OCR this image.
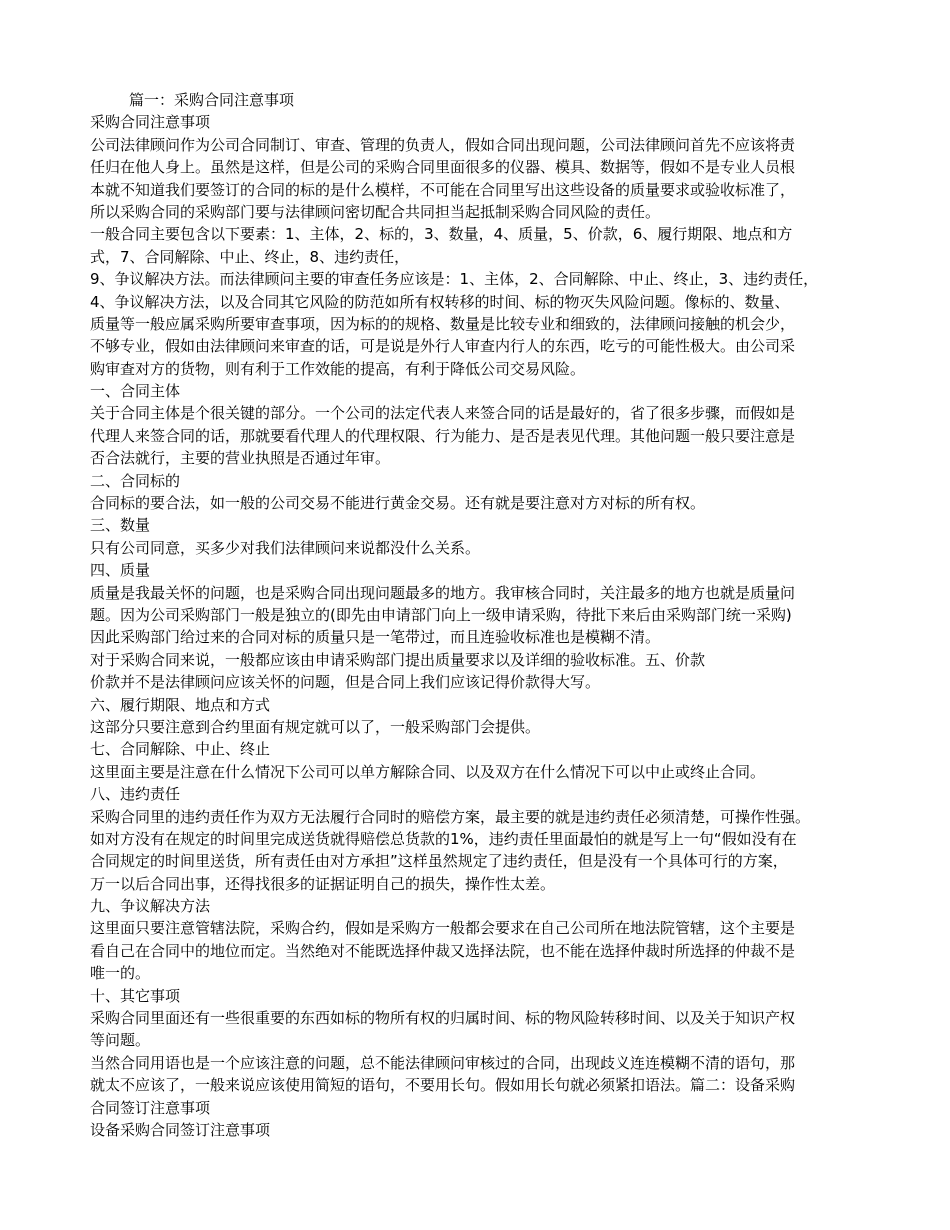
篇一：采购合同注意事项
采购合同注意事项
公司法律顾问作为公司合同制订、审查、管理的负责人，假如合同出现问题，公司法律顾问首先不应该将责
任归在他人身上。虽然是这样，但是公司的采购合同里面很多的仪器、模具、数据等，假如不是专业人员根
本就不知道我们要签订的合同的标的是什么模样，不可能在合同里写出这些设备的质量要求或验收标准了，
所以采购合同的采购部门要与法律顾问密切配合共同担当起抵制采购合同风险的责任。
一般合同主要包含以下要素：1、主体，2、标的，3、数量，4、质量，5、价款，6、履行期限、地点和方
式，7、合同解除、中止、终止，8、违约责任，
9、争议解决方法。而法律顾问主要的审查任务应该是：1、主体，2、合同解除、中止、终止，3、违约责任，
4、争议解决方法，以及合同其它风险的防范如所有权转移的时间、标的物灭失风险问题。像标的、数量、
质量等一般应属采购所要审查事项，因为标的的规格、数量是比较专业和细致的，法律顾问接触的机会少，
不够专业，假如由法律顾问来审查的话，可是说是外行人审查内行人的东西，吃亏的可能性极大。由公司采
购审查对方的货物，则有利于工作效能的提高，有利于降低公司交易风险。
一、合同主体
关于合同主体是个很关键的部分。一个公司的法定代表人来签合同的话是最好的，省了很多步骤，而假如是
代理人来签合同的话，那就要看代理人的代理权限、行为能力、是否是表见代理。其他问题一般只要注意是
否合法就行，主要的营业执照是否通过年审。
二、合同标的
合同标的要合法，如一般的公司交易不能进行黄金交易。还有就是要注意对方对标的所有权。
三、数量
只有公司同意，买多少对我们法律顾问来说都没什么关系。
四、质量
质量是我最关怀的问题，也是采购合同出现问题最多的地方。我审核合同时，关注最多的地方也就是质量问
题。因为公司采购部门一般是独立的(即先由申请部门向上一级申请采购，待批下来后由采购部门统一采购)
因此采购部门给过来的合同对标的质量只是一笔带过，而且连验收标准也是模糊不清。
对于采购合同来说，一般都应该由申请采购部门提出质量要求以及详细的验收标准。五、价款
价款并不是法律顾问应该关怀的问题，但是合同上我们应该记得价款得大写。
六、履行期限、地点和方式
这部分只要注意到合约里面有规定就可以了，一般采购部门会提供。
七、合同解除、中止、终止
这里面主要是注意在什么情况下公司可以单方解除合同、以及双方在什么情况下可以中止或终止合同。
八、违约责任
采购合同里的违约责任作为双方无法履行合同时的赔偿方案，最主要的就是违约责任必须清楚，可操作性强。
如对方没有在规定的时间里完成送货就得赔偿总货款的1%，违约责任里面最怕的就是写上一句“假如没有在
合同规定的时间里送货，所有责任由对方承担”这样虽然规定了违约责任，但是没有一个具体可行的方案，
万一以后合同出事，还得找很多的证据证明自己的损失，操作性太差。
九、争议解决方法
这里面只要注意管辖法院，采购合约，假如是采购方一般都会要求在自己公司所在地法院管辖，这个主要是
看自己在合同中的地位而定。当然绝对不能既选择仲裁又选择法院，也不能在选择仲裁时所选择的仲裁不是
唯一的。
十、其它事项
采购合同里面还有一些很重要的东西如标的物所有权的归属时间、标的物风险转移时间、以及关于知识产权
等问题。
当然合同用语也是一个应该注意的问题，总不能法律顾问审核过的合同，出现歧义连连模糊不清的语句，那
就太不应该了，一般来说应该使用简短的语句，不要用长句。假如用长句就必须紧扣语法。篇二：设备采购
合同签订注意事项
设备采购合同签订注意事项
